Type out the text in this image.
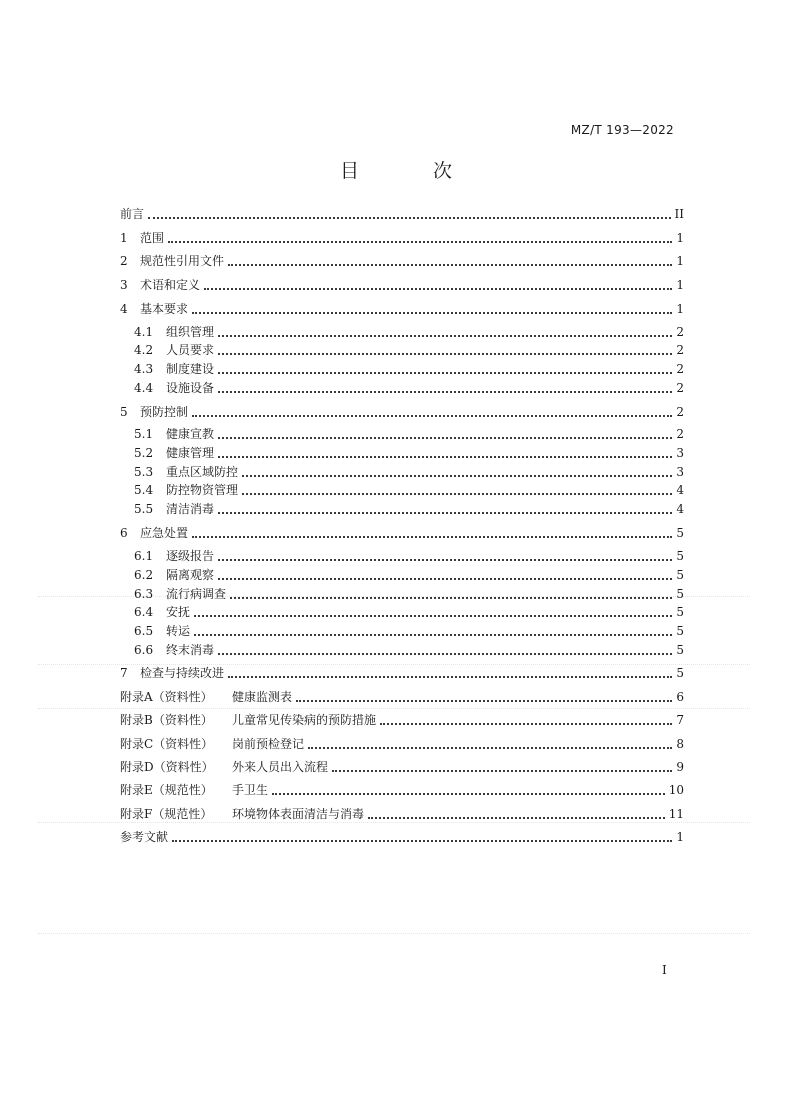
MZ/T 193—2022
目 次
前言	II
1	范围	1
2	规范性引用文件	1
3	术语和定义	1
4	基本要求	1
4.1	组织管理	2
4.2	人员要求	2
4.3	制度建设	2
4.4	设施设备	2
5	预防控制	2
5.1	健康宣教	2
5.2	健康管理	3
5.3	重点区域防控	3
5.4	防控物资管理	4
5.5	清洁消毒	4
6	应急处置	5
6.1	逐级报告	5
6.2	隔离观察	5
6.3	流行病调查	5
6.4	安抚	5
6.5	转运	5
6.6	终末消毒	5
7	检查与持续改进	5
附录A（资料性）	健康监测表	6
附录B（资料性）	儿童常见传染病的预防措施	7
附录C（资料性）	岗前预检登记	8
附录D（资料性）	外来人员出入流程	9
附录E（规范性）	手卫生	10
附录F（规范性）	环境物体表面清洁与消毒	11
参考文献	1
I
